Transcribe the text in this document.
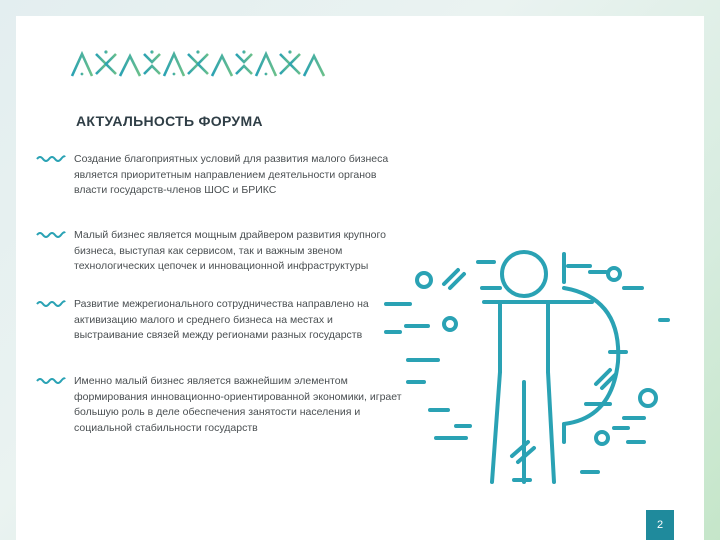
АКТУАЛЬНОСТЬ ФОРУМА
Создание благоприятных условий для развития малого бизнеса является приоритетным направлением деятельности органов власти государств-членов ШОС и БРИКС
Малый бизнес является мощным драйвером развития крупного бизнеса, выступая как сервисом, так и важным звеном технологических цепочек и инновационной инфраструктуры
Развитие межрегионального сотрудничества направлено на активизацию малого и среднего бизнеса на местах и выстраивание связей между регионами разных государств
Именно малый бизнес является важнейшим элементом формирования инновационно-ориентированной экономики, играет большую роль в деле обеспечения занятости населения и социальной стабильности государств
2
